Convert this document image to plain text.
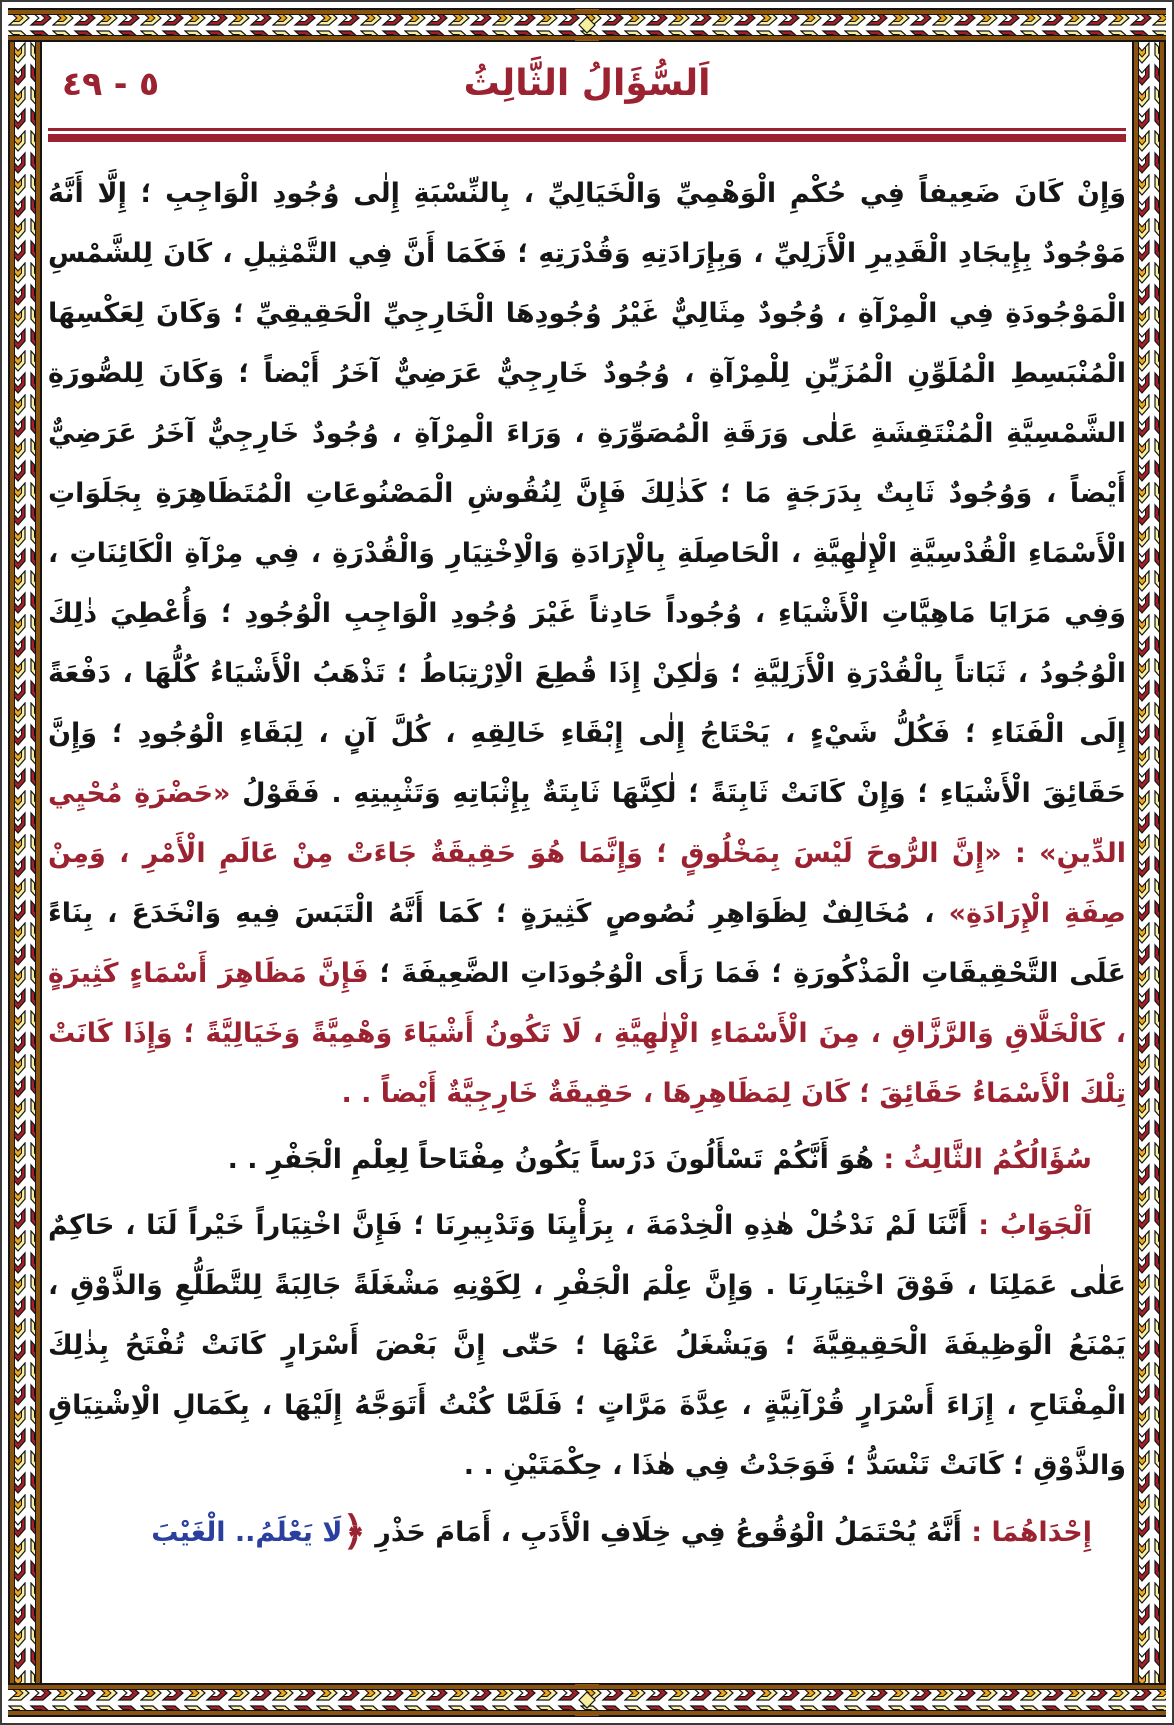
٥ - ٤٩	اَلسُّؤَالُ الثَّالِثُ

وَإِنْ كَانَ ضَعِيفاً فِي حُكْمِ الْوَهْمِيِّ وَالْخَيَالِيِّ ، بِالنِّسْبَةِ إِلٰى وُجُودِ الْوَاجِبِ ؛ إِلَّا أَنَّهُ مَوْجُودٌ بِإِيجَادِ الْقَدِيرِ الْأَزَلِيِّ ، وَبِإِرَادَتِهِ وَقُدْرَتِهِ ؛ فَكَمَا أَنَّ فِي التَّمْثِيلِ ، كَانَ لِلشَّمْسِ الْمَوْجُودَةِ فِي الْمِرْآةِ ، وُجُودٌ مِثَالِيٌّ غَيْرُ وُجُودِهَا الْخَارِجِيِّ الْحَقِيقِيِّ ؛ وَكَانَ لِعَكْسِهَا الْمُنْبَسِطِ الْمُلَوِّنِ الْمُزَيِّنِ لِلْمِرْآةِ ، وُجُودٌ خَارِجِيٌّ عَرَضِيٌّ آخَرُ أَيْضاً ؛ وَكَانَ لِلصُّورَةِ الشَّمْسِيَّةِ الْمُنْتَقِشَةِ عَلٰى وَرَقَةِ الْمُصَوِّرَةِ ، وَرَاءَ الْمِرْآةِ ، وُجُودٌ خَارِجِيٌّ آخَرُ عَرَضِيٌّ أَيْضاً ، وَوُجُودٌ ثَابِتٌ بِدَرَجَةٍ مَا ؛ كَذٰلِكَ فَإِنَّ لِنُقُوشِ الْمَصْنُوعَاتِ الْمُتَظَاهِرَةِ بِجَلَوَاتِ الْأَسْمَاءِ الْقُدْسِيَّةِ الْإِلٰهِيَّةِ ، الْحَاصِلَةِ بِالْإِرَادَةِ وَالْاِخْتِيَارِ وَالْقُدْرَةِ ، فِي مِرْآةِ الْكَائِنَاتِ ، وَفِي مَرَايَا مَاهِيَّاتِ الْأَشْيَاءِ ، وُجُوداً حَادِثاً غَيْرَ وُجُودِ الْوَاجِبِ الْوُجُودِ ؛ وَأُعْطِيَ ذٰلِكَ الْوُجُودُ ، ثَبَاتاً بِالْقُدْرَةِ الْأَزَلِيَّةِ ؛ وَلٰكِنْ إِذَا قُطِعَ الْاِرْتِبَاطُ ؛ تَذْهَبُ الْأَشْيَاءُ كُلُّهَا ، دَفْعَةً إِلَى الْفَنَاءِ ؛ فَكُلُّ شَيْءٍ ، يَحْتَاجُ إِلٰى إِبْقَاءِ خَالِقِهِ ، كُلَّ آنٍ ، لِبَقَاءِ الْوُجُودِ ؛ وَإِنَّ حَقَائِقَ الْأَشْيَاءِ ؛ وَإِنْ كَانَتْ ثَابِتَةً ؛ لٰكِنَّهَا ثَابِتَةٌ بِإِثْبَاتِهِ وَتَثْبِيتِهِ . فَقَوْلُ «حَضْرَةِ مُحْيِي الدِّينِ» : «إِنَّ الرُّوحَ لَيْسَ بِمَخْلُوقٍ ؛ وَإِنَّمَا هُوَ حَقِيقَةٌ جَاءَتْ مِنْ عَالَمِ الْأَمْرِ ، وَمِنْ صِفَةِ الْإِرَادَةِ» ، مُخَالِفٌ لِظَوَاهِرِ نُصُوصٍ كَثِيرَةٍ ؛ كَمَا أَنَّهُ الْتَبَسَ فِيهِ وَانْخَدَعَ ، بِنَاءً عَلَى التَّحْقِيقَاتِ الْمَذْكُورَةِ ؛ فَمَا رَأَى الْوُجُودَاتِ الضَّعِيفَةَ ؛ فَإِنَّ مَظَاهِرَ أَسْمَاءٍ كَثِيرَةٍ ، كَالْخَلَّاقِ وَالرَّزَّاقِ ، مِنَ الْأَسْمَاءِ الْإِلٰهِيَّةِ ، لَا تَكُونُ أَشْيَاءَ وَهْمِيَّةً وَخَيَالِيَّةً ؛ وَإِذَا كَانَتْ تِلْكَ الْأَسْمَاءُ حَقَائِقَ ؛ كَانَ لِمَظَاهِرِهَا ، حَقِيقَةٌ خَارِجِيَّةٌ أَيْضاً . .

سُؤَالُكُمُ الثَّالِثُ : هُوَ أَنَّكُمْ تَسْأَلُونَ دَرْساً يَكُونُ مِفْتَاحاً لِعِلْمِ الْجَفْرِ . .

اَلْجَوَابُ : أَنَّنَا لَمْ نَدْخُلْ هٰذِهِ الْخِدْمَةَ ، بِرَأْيِنَا وَتَدْبِيرِنَا ؛ فَإِنَّ اخْتِيَاراً خَيْراً لَنَا ، حَاكِمٌ عَلٰى عَمَلِنَا ، فَوْقَ اخْتِيَارِنَا . وَإِنَّ عِلْمَ الْجَفْرِ ، لِكَوْنِهِ مَشْغَلَةً جَالِبَةً لِلتَّطَلُّعِ وَالذَّوْقِ ، يَمْنَعُ الْوَظِيفَةَ الْحَقِيقِيَّةَ ؛ وَيَشْغَلُ عَنْهَا ؛ حَتّٰى إِنَّ بَعْضَ أَسْرَارٍ كَانَتْ تُفْتَحُ بِذٰلِكَ الْمِفْتَاحِ ، إِزَاءَ أَسْرَارٍ قُرْآنِيَّةٍ ، عِدَّةَ مَرَّاتٍ ؛ فَلَمَّا كُنْتُ أَتَوَجَّهُ إِلَيْهَا ، بِكَمَالِ الْاِشْتِيَاقِ وَالذَّوْقِ ؛ كَانَتْ تَنْسَدُّ ؛ فَوَجَدْتُ فِي هٰذَا ، حِكْمَتَيْنِ . .

إِحْدَاهُمَا : أَنَّهُ يُحْتَمَلُ الْوُقُوعُ فِي خِلَافِ الْأَدَبِ ، أَمَامَ حَذْرِ ﴿لَا يَعْلَمُ.. الْغَيْبَ
